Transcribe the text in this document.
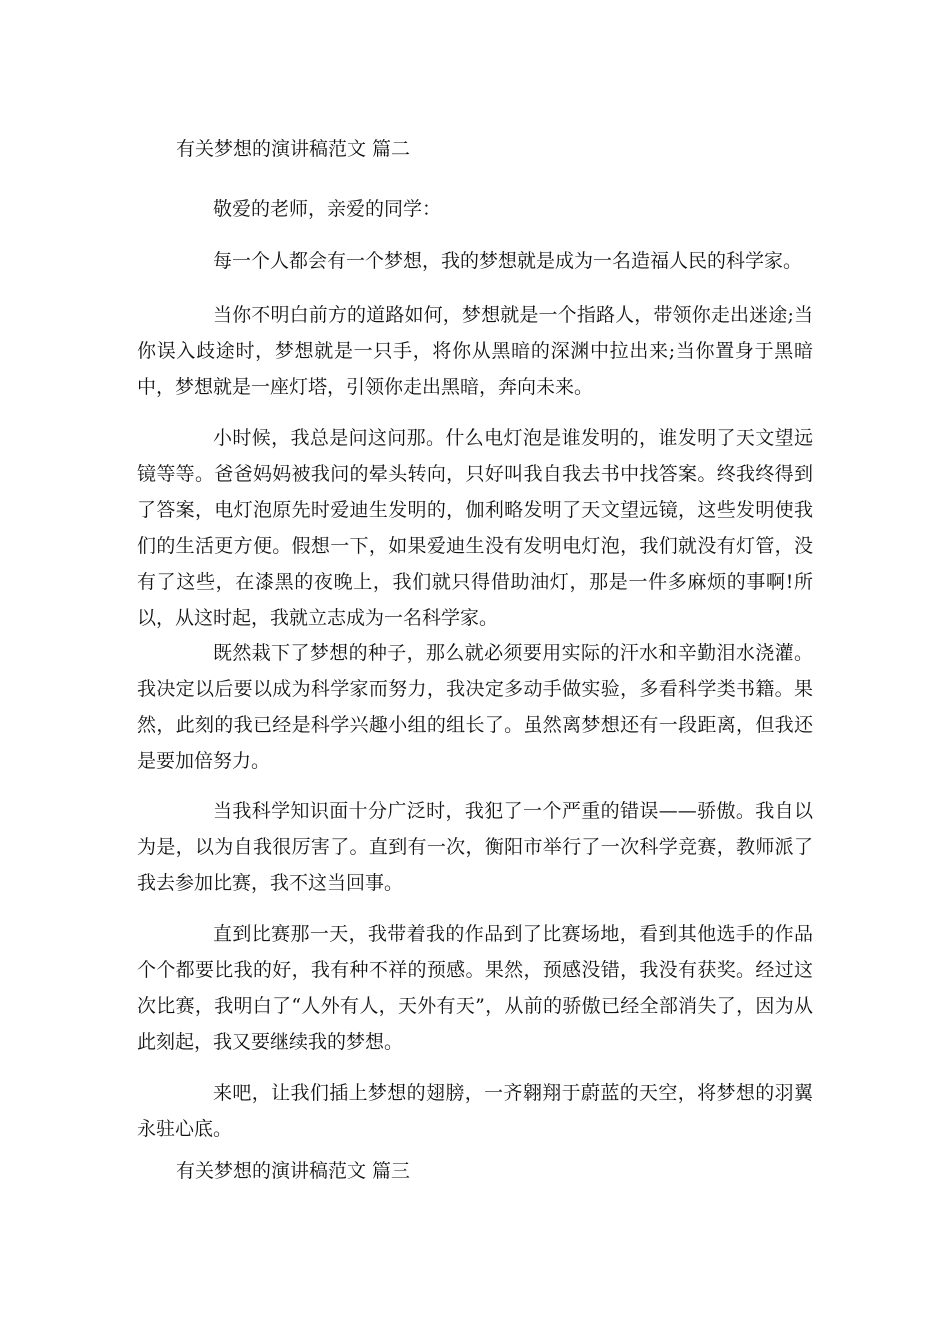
有关梦想的演讲稿范文 篇二
敬爱的老师，亲爱的同学：
每一个人都会有一个梦想，我的梦想就是成为一名造福人民的科学家。
当你不明白前方的道路如何，梦想就是一个指路人，带领你走出迷途;当你误入歧途时，梦想就是一只手，将你从黑暗的深渊中拉出来;当你置身于黑暗中，梦想就是一座灯塔，引领你走出黑暗，奔向未来。
小时候，我总是问这问那。什么电灯泡是谁发明的，谁发明了天文望远镜等等。爸爸妈妈被我问的晕头转向，只好叫我自我去书中找答案。终我终得到了答案，电灯泡原先时爱迪生发明的，伽利略发明了天文望远镜，这些发明使我们的生活更方便。假想一下，如果爱迪生没有发明电灯泡，我们就没有灯管，没有了这些，在漆黑的夜晚上，我们就只得借助油灯，那是一件多麻烦的事啊!所以，从这时起，我就立志成为一名科学家。
既然栽下了梦想的种子，那么就必须要用实际的汗水和辛勤泪水浇灌。我决定以后要以成为科学家而努力，我决定多动手做实验，多看科学类书籍。果然，此刻的我已经是科学兴趣小组的组长了。虽然离梦想还有一段距离，但我还是要加倍努力。
当我科学知识面十分广泛时，我犯了一个严重的错误——骄傲。我自以为是，以为自我很厉害了。直到有一次，衡阳市举行了一次科学竞赛，教师派了我去参加比赛，我不这当回事。
直到比赛那一天，我带着我的作品到了比赛场地，看到其他选手的作品个个都要比我的好，我有种不祥的预感。果然，预感没错，我没有获奖。经过这次比赛，我明白了“人外有人，天外有天”，从前的骄傲已经全部消失了，因为从此刻起，我又要继续我的梦想。
来吧，让我们插上梦想的翅膀，一齐翱翔于蔚蓝的天空，将梦想的羽翼永驻心底。
有关梦想的演讲稿范文 篇三
